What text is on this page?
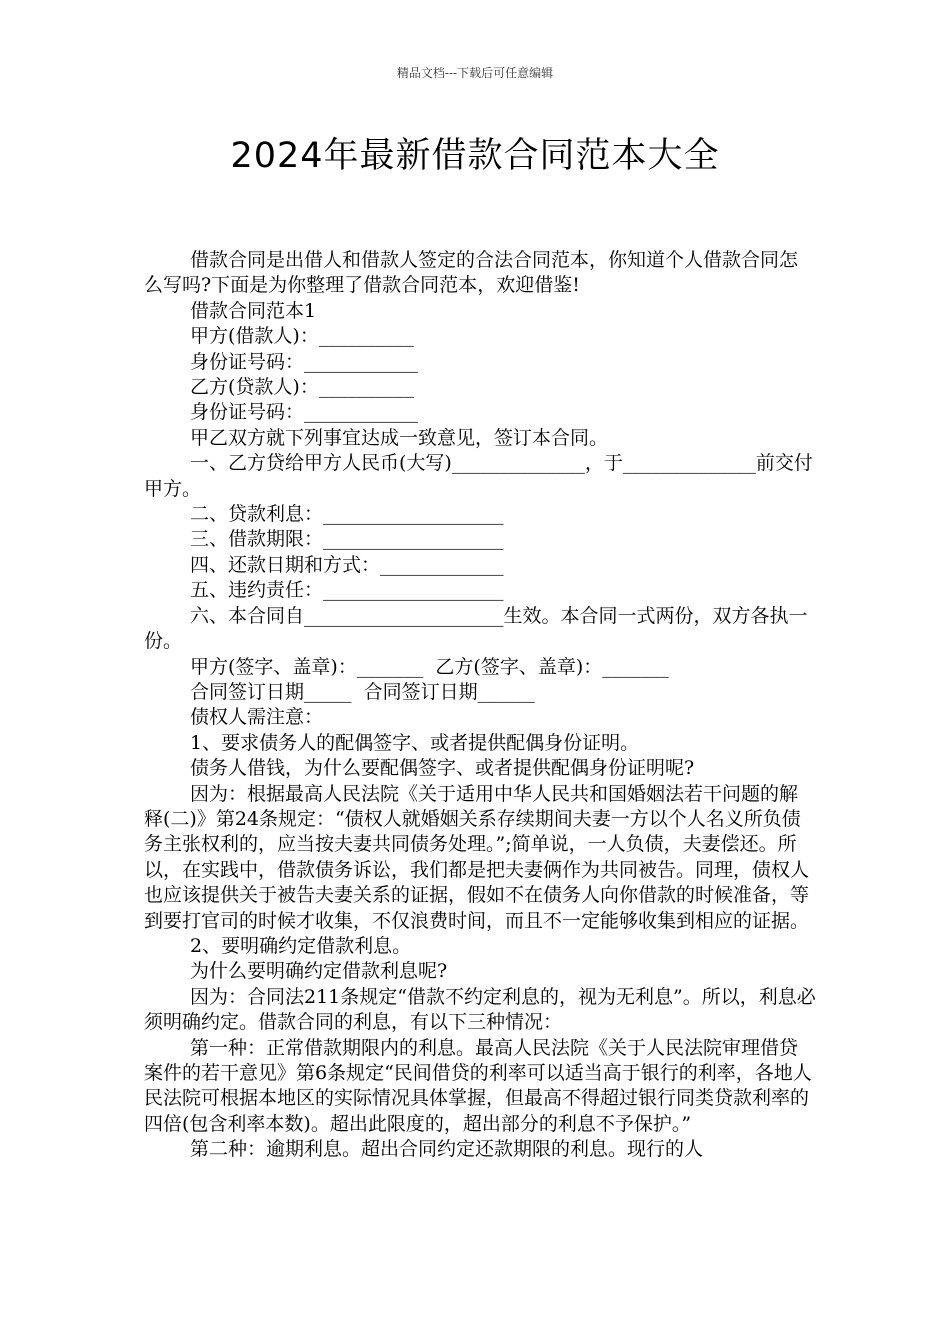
精品文档---下载后可任意编辑
2024年最新借款合同范本大全

借款合同是出借人和借款人签定的合法合同范本，你知道个人借款合同怎么写吗?下面是为你整理了借款合同范本，欢迎借鉴!

借款合同范本1

甲方(借款人)：__________

身份证号码：____________

乙方(贷款人)：__________

身份证号码：____________

甲乙双方就下列事宜达成一致意见，签订本合同。

一、乙方贷给甲方人民币(大写)______________，于______________前交付甲方。

二、贷款利息：___________________

三、借款期限：___________________

四、还款日期和方式：_____________

五、违约责任：___________________

六、本合同自_____________________生效。本合同一式两份，双方各执一份。

甲方(签字、盖章)：_______  乙方(签字、盖章)：_______

合同签订日期_____  合同签订日期______

债权人需注意：

1、要求债务人的配偶签字、或者提供配偶身份证明。

债务人借钱，为什么要配偶签字、或者提供配偶身份证明呢?

因为：根据最高人民法院《关于适用中华人民共和国婚姻法若干问题的解释(二)》第24条规定：“债权人就婚姻关系存续期间夫妻一方以个人名义所负债务主张权利的，应当按夫妻共同债务处理。”;简单说，一人负债，夫妻偿还。所以，在实践中，借款债务诉讼，我们都是把夫妻俩作为共同被告。同理，债权人也应该提供关于被告夫妻关系的证据，假如不在债务人向你借款的时候准备，等到要打官司的时候才收集，不仅浪费时间，而且不一定能够收集到相应的证据。

2、要明确约定借款利息。

为什么要明确约定借款利息呢?

因为：合同法211条规定“借款不约定利息的，视为无利息”。所以，利息必须明确约定。借款合同的利息，有以下三种情况：

第一种：正常借款期限内的利息。最高人民法院《关于人民法院审理借贷案件的若干意见》第6条规定“民间借贷的利率可以适当高于银行的利率，各地人民法院可根据本地区的实际情况具体掌握，但最高不得超过银行同类贷款利率的四倍(包含利率本数)。超出此限度的，超出部分的利息不予保护。”

第二种：逾期利息。超出合同约定还款期限的利息。现行的人
